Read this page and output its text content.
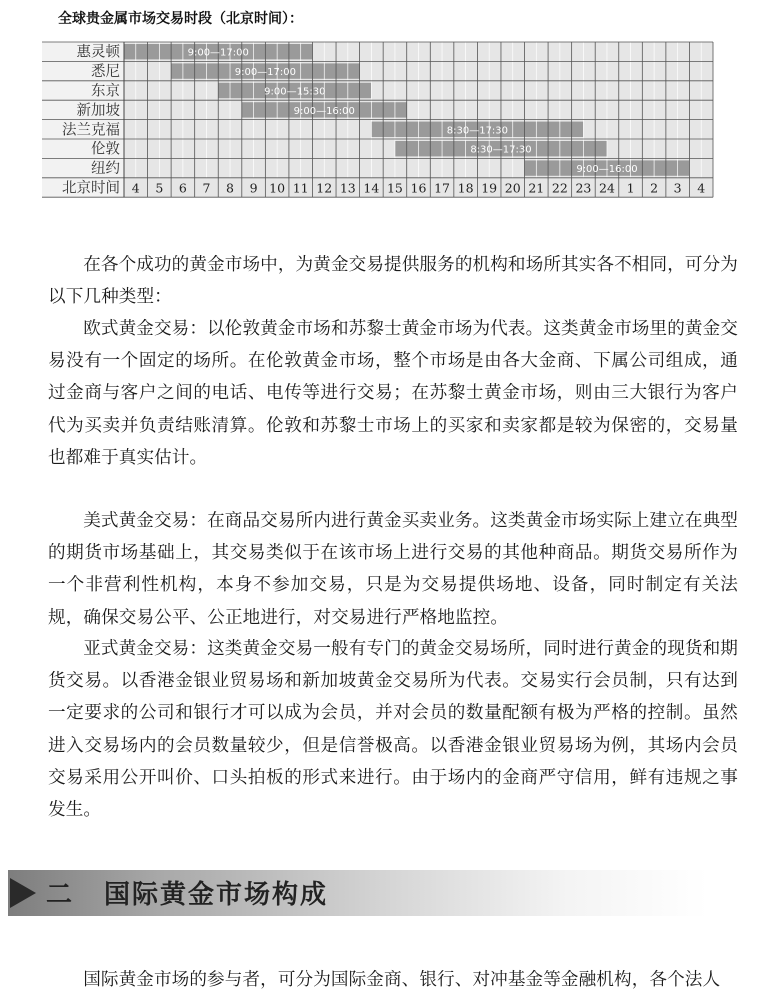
全球贵金属市场交易时段（北京时间）：
9:00—17:00
9:00—17:00
9:00—15:30
9:00—16:00
8:30—17:30
8:30—17:30
9:00—16:00
惠灵顿
悉尼
东京
新加坡
法兰克福
伦敦
纽约
北京时间 4 5 6 7 8 9 10 11 12 13 14 15 16 17 18 19 20 21 22 23 24 1 2 3 4

在各个成功的黄金市场中，为黄金交易提供服务的机构和场所其实各不相同，可分为以下几种类型：

欧式黄金交易：以伦敦黄金市场和苏黎士黄金市场为代表。这类黄金市场里的黄金交易没有一个固定的场所。在伦敦黄金市场，整个市场是由各大金商、下属公司组成，通过金商与客户之间的电话、电传等进行交易；在苏黎士黄金市场，则由三大银行为客户代为买卖并负责结账清算。伦敦和苏黎士市场上的买家和卖家都是较为保密的，交易量也都难于真实估计。

美式黄金交易：在商品交易所内进行黄金买卖业务。这类黄金市场实际上建立在典型的期货市场基础上，其交易类似于在该市场上进行交易的其他种商品。期货交易所作为一个非营利性机构，本身不参加交易，只是为交易提供场地、设备，同时制定有关法规，确保交易公平、公正地进行，对交易进行严格地监控。

亚式黄金交易：这类黄金交易一般有专门的黄金交易场所，同时进行黄金的现货和期货交易。以香港金银业贸易场和新加坡黄金交易所为代表。交易实行会员制，只有达到一定要求的公司和银行才可以成为会员，并对会员的数量配额有极为严格的控制。虽然进入交易场内的会员数量较少，但是信誉极高。以香港金银业贸易场为例，其场内会员交易采用公开叫价、口头拍板的形式来进行。由于场内的金商严守信用，鲜有违规之事发生。

二 国际黄金市场构成

国际黄金市场的参与者，可分为国际金商、银行、对冲基金等金融机构，各个法人
